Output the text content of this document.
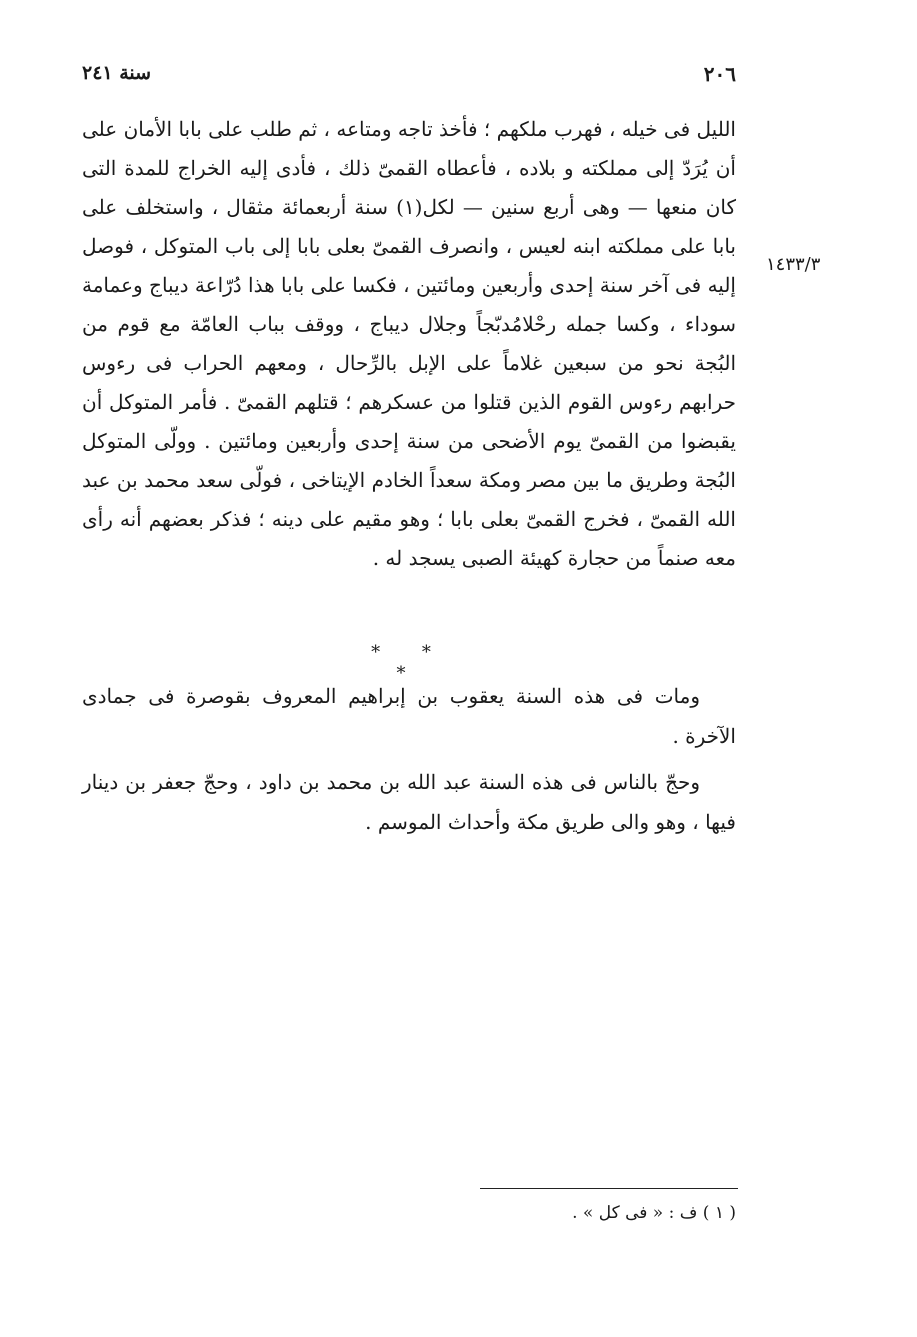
٢٠٦
سنة ٢٤١
١٤٣٣/٣

الليل فى خيله ، فهرب ملكهم ؛ فأخذ تاجه ومتاعه ، ثم طلب على بابا الأمان على أن يُرَدّ إلى مملكته و بلاده ، فأعطاه القمىّ ذلك ، فأدى إليه الخراج للمدة التى كان منعها — وهى أربع سنين — لكل(١) سنة أربعمائة مثقال ، واستخلف على بابا على مملكته ابنه لعيس ، وانصرف القمىّ بعلى بابا إلى باب المتوكل ، فوصل إليه فى آخر سنة إحدى وأربعين ومائتين ، فكسا على بابا هذا دُرّاعة ديباج وعمامة سوداء ، وكسا جمله رحْلامُدبّجاً وجلال ديباج ، ووقف بباب العامّة مع قوم من البُجة نحو من سبعين غلاماً على الإبل بالرِّحال ، ومعهم الحراب فى رءوس حرابهم رءوس القوم الذين قتلوا من عسكرهم ؛ قتلهم القمىّ . فأمر المتوكل أن يقبضوا من القمىّ يوم الأضحى من سنة إحدى وأربعين ومائتين . وولّى المتوكل البُجة وطريق ما بين مصر ومكة سعداً الخادم الإيتاخى ، فولّى سعد محمد بن عبد الله القمىّ ، فخرج القمىّ بعلى بابا ؛ وهو مقيم على دينه ؛ فذكر بعضهم أنه رأى معه صنماً من حجارة كهيئة الصبى يسجد له .

* * *

ومات فى هذه السنة يعقوب بن إبراهيم المعروف بقوصرة فى جمادى الآخرة .

وحجّ بالناس فى هذه السنة عبد الله بن محمد بن داود ، وحجّ جعفر بن دينار فيها ، وهو والى طريق مكة وأحداث الموسم .

( ١ ) ف : « فى كل » .
